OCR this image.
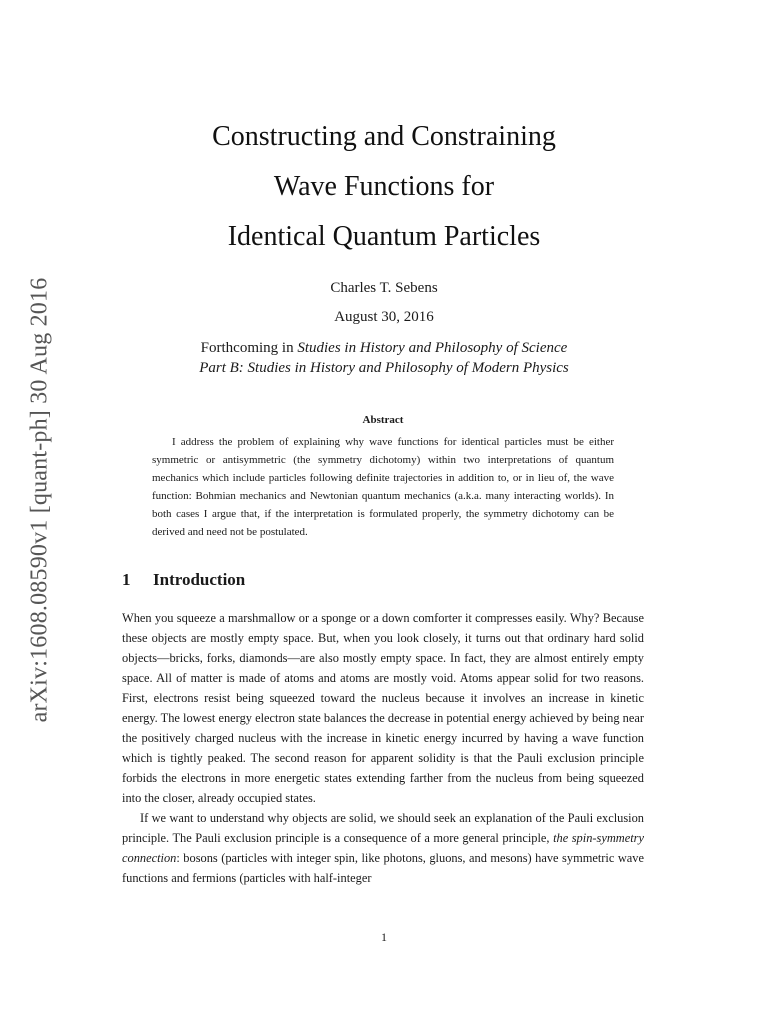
arXiv:1608.08590v1 [quant-ph] 30 Aug 2016

Constructing and Constraining

Wave Functions for

Identical Quantum Particles

Charles T. Sebens
August 30, 2016
Forthcoming in Studies in History and Philosophy of Science
Part B: Studies in History and Philosophy of Modern Physics
Abstract
I address the problem of explaining why wave functions for identical particles must be either symmetric or antisymmetric (the symmetry dichotomy) within two interpretations of quantum mechanics which include particles following definite trajectories in addition to, or in lieu of, the wave function: Bohmian mechanics and Newtonian quantum mechanics (a.k.a. many interacting worlds). In both cases I argue that, if the interpretation is formulated properly, the symmetry dichotomy can be derived and need not be postulated.
1 Introduction

When you squeeze a marshmallow or a sponge or a down comforter it compresses easily. Why? Because these objects are mostly empty space. But, when you look closely, it turns out that ordinary hard solid objects—bricks, forks, diamonds—are also mostly empty space. In fact, they are almost entirely empty space. All of matter is made of atoms and atoms are mostly void. Atoms appear solid for two reasons. First, electrons resist being squeezed toward the nucleus because it involves an increase in kinetic energy. The lowest energy electron state balances the decrease in potential energy achieved by being near the positively charged nucleus with the increase in kinetic energy incurred by having a wave function which is tightly peaked. The second reason for apparent solidity is that the Pauli exclusion principle forbids the electrons in more energetic states extending farther from the nucleus from being squeezed into the closer, already occupied states.

If we want to understand why objects are solid, we should seek an explanation of the Pauli exclusion principle. The Pauli exclusion principle is a consequence of a more general principle, the spin-symmetry connection: bosons (particles with integer spin, like photons, gluons, and mesons) have symmetric wave functions and fermions (particles with half-integer

1
